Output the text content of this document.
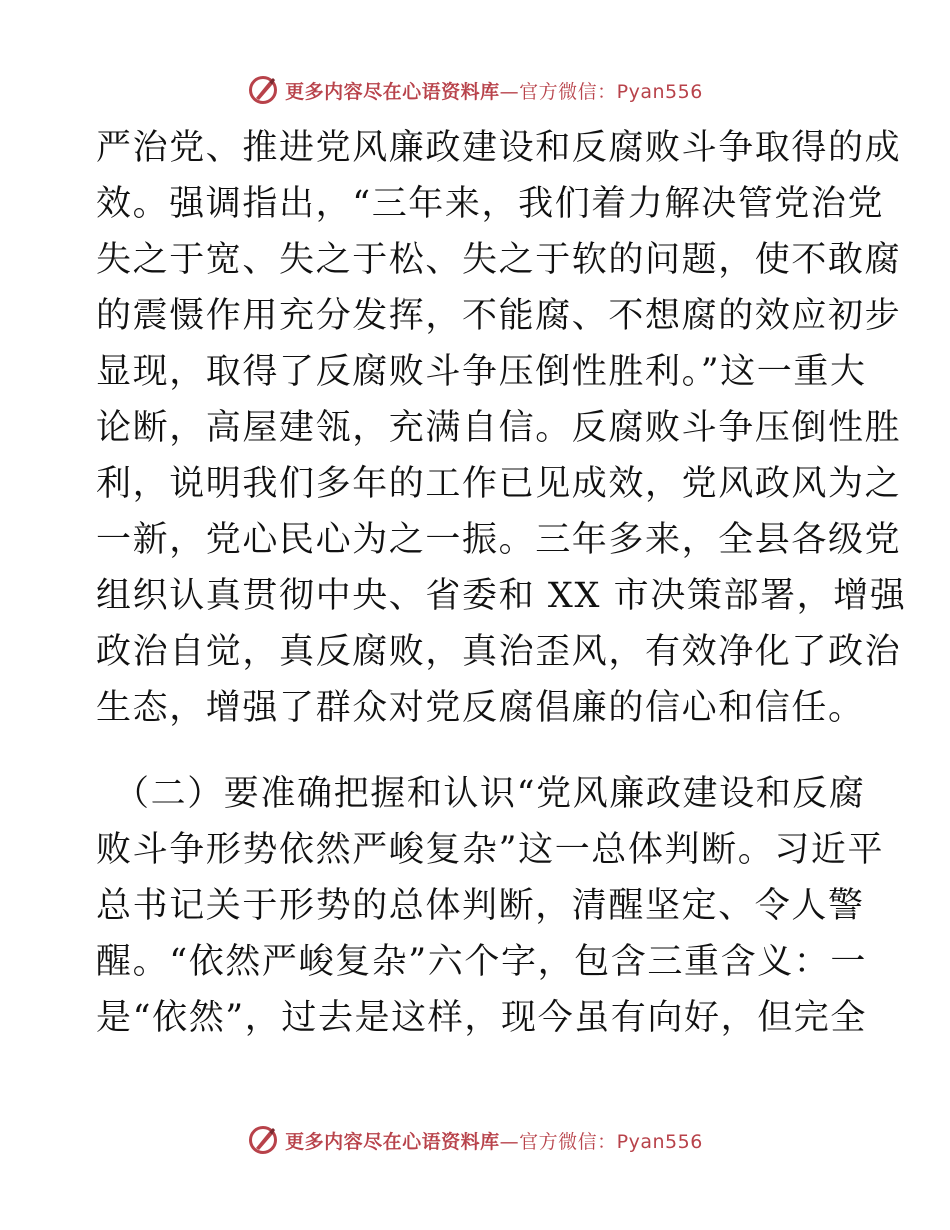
更多内容尽在心语资料库—官方微信：Pyan556
严治党、推进党风廉政建设和反腐败斗争取得的成
效。强调指出，“三年来，我们着力解决管党治党
失之于宽、失之于松、失之于软的问题，使不敢腐
的震慑作用充分发挥，不能腐、不想腐的效应初步
显现，取得了反腐败斗争压倒性胜利。”这一重大
论断，高屋建瓴，充满自信。反腐败斗争压倒性胜
利，说明我们多年的工作已见成效，党风政风为之
一新，党心民心为之一振。三年多来，全县各级党
组织认真贯彻中央、省委和 XX 市决策部署，增强
政治自觉，真反腐败，真治歪风，有效净化了政治
生态，增强了群众对党反腐倡廉的信心和信任。
（二）要准确把握和认识“党风廉政建设和反腐
败斗争形势依然严峻复杂”这一总体判断。习近平
总书记关于形势的总体判断，清醒坚定、令人警
醒。“依然严峻复杂”六个字，包含三重含义：一
是“依然”，过去是这样，现今虽有向好，但完全
更多内容尽在心语资料库—官方微信：Pyan556
